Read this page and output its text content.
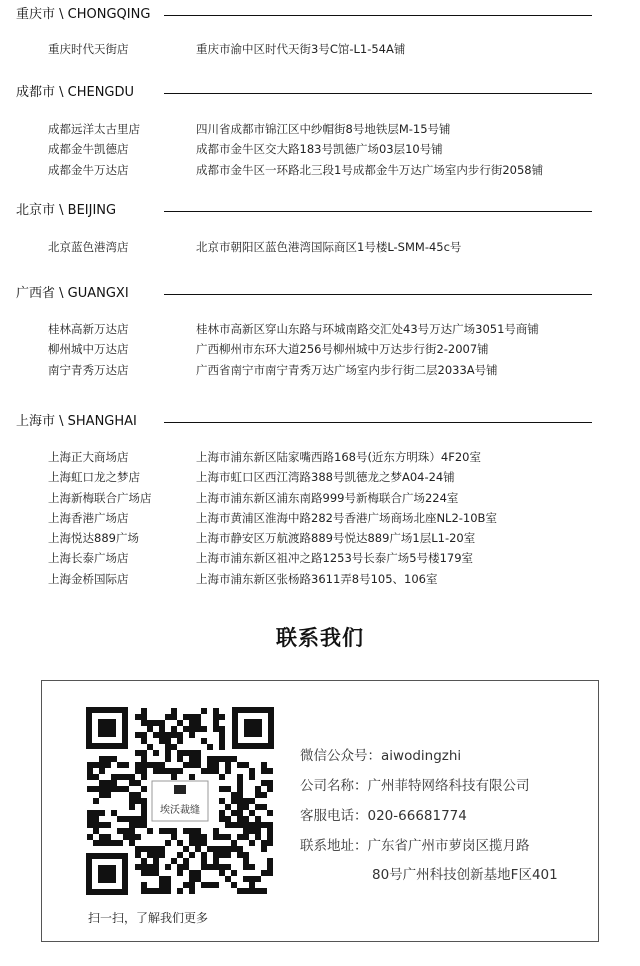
重庆市 \ CHONGQING
重庆时代天街店	重庆市渝中区时代天街3号C馆-L1-54A铺
成都市 \ CHENGDU
成都远洋太古里店	四川省成都市锦江区中纱帽街8号地铁层M-15号铺
成都金牛凯德店	成都市金牛区交大路183号凯德广场03层10号铺
成都金牛万达店	成都市金牛区一环路北三段1号成都金牛万达广场室内步行街2058铺
北京市 \ BEIJING
北京蓝色港湾店	北京市朝阳区蓝色港湾国际商区1号楼L-SMM-45c号
广西省 \ GUANGXI
桂林高新万达店	桂林市高新区穿山东路与环城南路交汇处43号万达广场3051号商铺
柳州城中万达店	广西柳州市东环大道256号柳州城中万达步行街2-2007铺
南宁青秀万达店	广西省南宁市南宁青秀万达广场室内步行街二层2033A号铺
上海市 \ SHANGHAI
上海正大商场店	上海市浦东新区陆家嘴西路168号(近东方明珠）4F20室
上海虹口龙之梦店	上海市虹口区西江湾路388号凯德龙之梦A04-24铺
上海新梅联合广场店	上海市浦东新区浦东南路999号新梅联合广场224室
上海香港广场店	上海市黄浦区淮海中路282号香港广场商场北座NL2-10B室
上海悦达889广场	上海市静安区万航渡路889号悦达889广场1层L1-20室
上海长泰广场店	上海市浦东新区祖冲之路1253号长泰广场5号楼179室
上海金桥国际店	上海市浦东新区张杨路3611弄8号105、106室
联系我们
埃沃裁缝
扫一扫，了解我们更多
微信公众号：aiwodingzhi
公司名称：广州菲特网络科技有限公司
客服电话：020-66681774
联系地址：广东省广州市萝岗区揽月路
80号广州科技创新基地F区401
